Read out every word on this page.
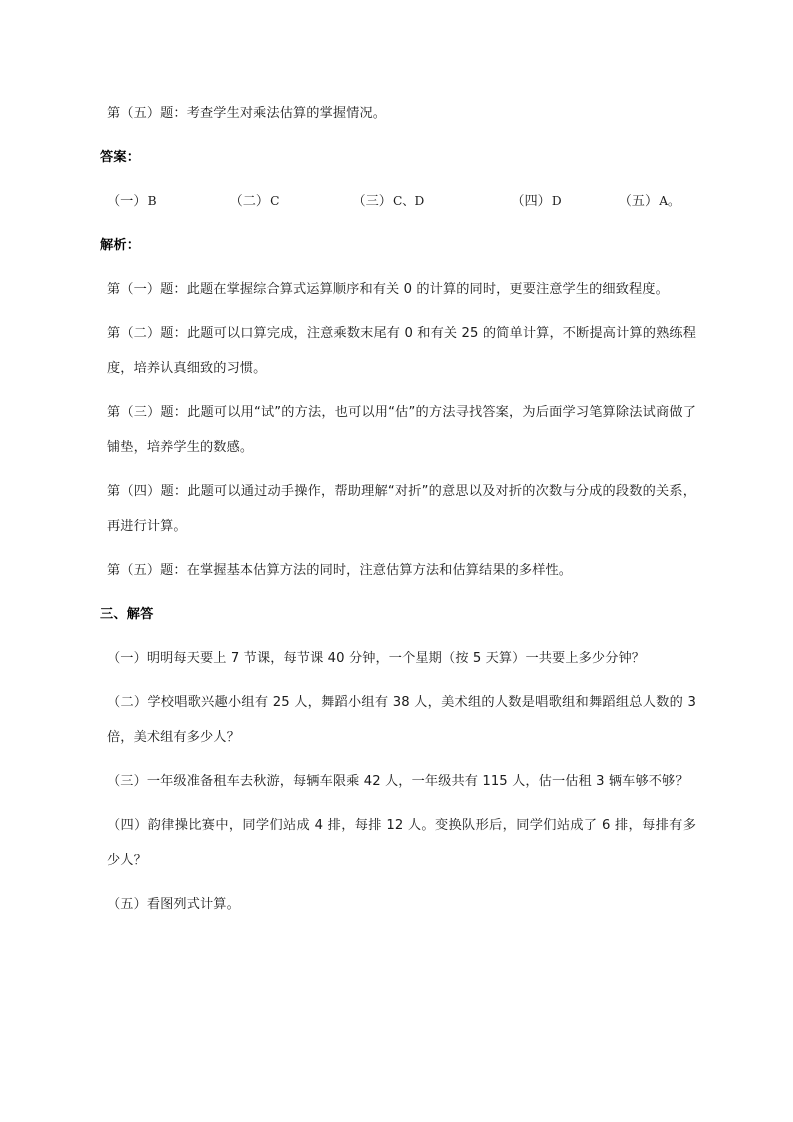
第（五）题：考查学生对乘法估算的掌握情况。

答案：

（一）B	（二）C	（三）C、D	（四）D	（五）A。

解析：

第（一）题：此题在掌握综合算式运算顺序和有关 0 的计算的同时，更要注意学生的细致程度。

第（二）题：此题可以口算完成，注意乘数末尾有 0 和有关 25 的简单计算，不断提高计算的熟练程度，培养认真细致的习惯。

第（三）题：此题可以用“试”的方法，也可以用“估”的方法寻找答案，为后面学习笔算除法试商做了铺垫，培养学生的数感。

第（四）题：此题可以通过动手操作，帮助理解“对折”的意思以及对折的次数与分成的段数的关系，再进行计算。

第（五）题：在掌握基本估算方法的同时，注意估算方法和估算结果的多样性。

三、解答

（一）明明每天要上 7 节课，每节课 40 分钟，一个星期（按 5 天算）一共要上多少分钟？

（二）学校唱歌兴趣小组有 25 人，舞蹈小组有 38 人，美术组的人数是唱歌组和舞蹈组总人数的 3 倍，美术组有多少人？

（三）一年级准备租车去秋游，每辆车限乘 42 人，一年级共有 115 人，估一估租 3 辆车够不够？

（四）韵律操比赛中，同学们站成 4 排，每排 12 人。变换队形后，同学们站成了 6 排，每排有多少人？

（五）看图列式计算。
